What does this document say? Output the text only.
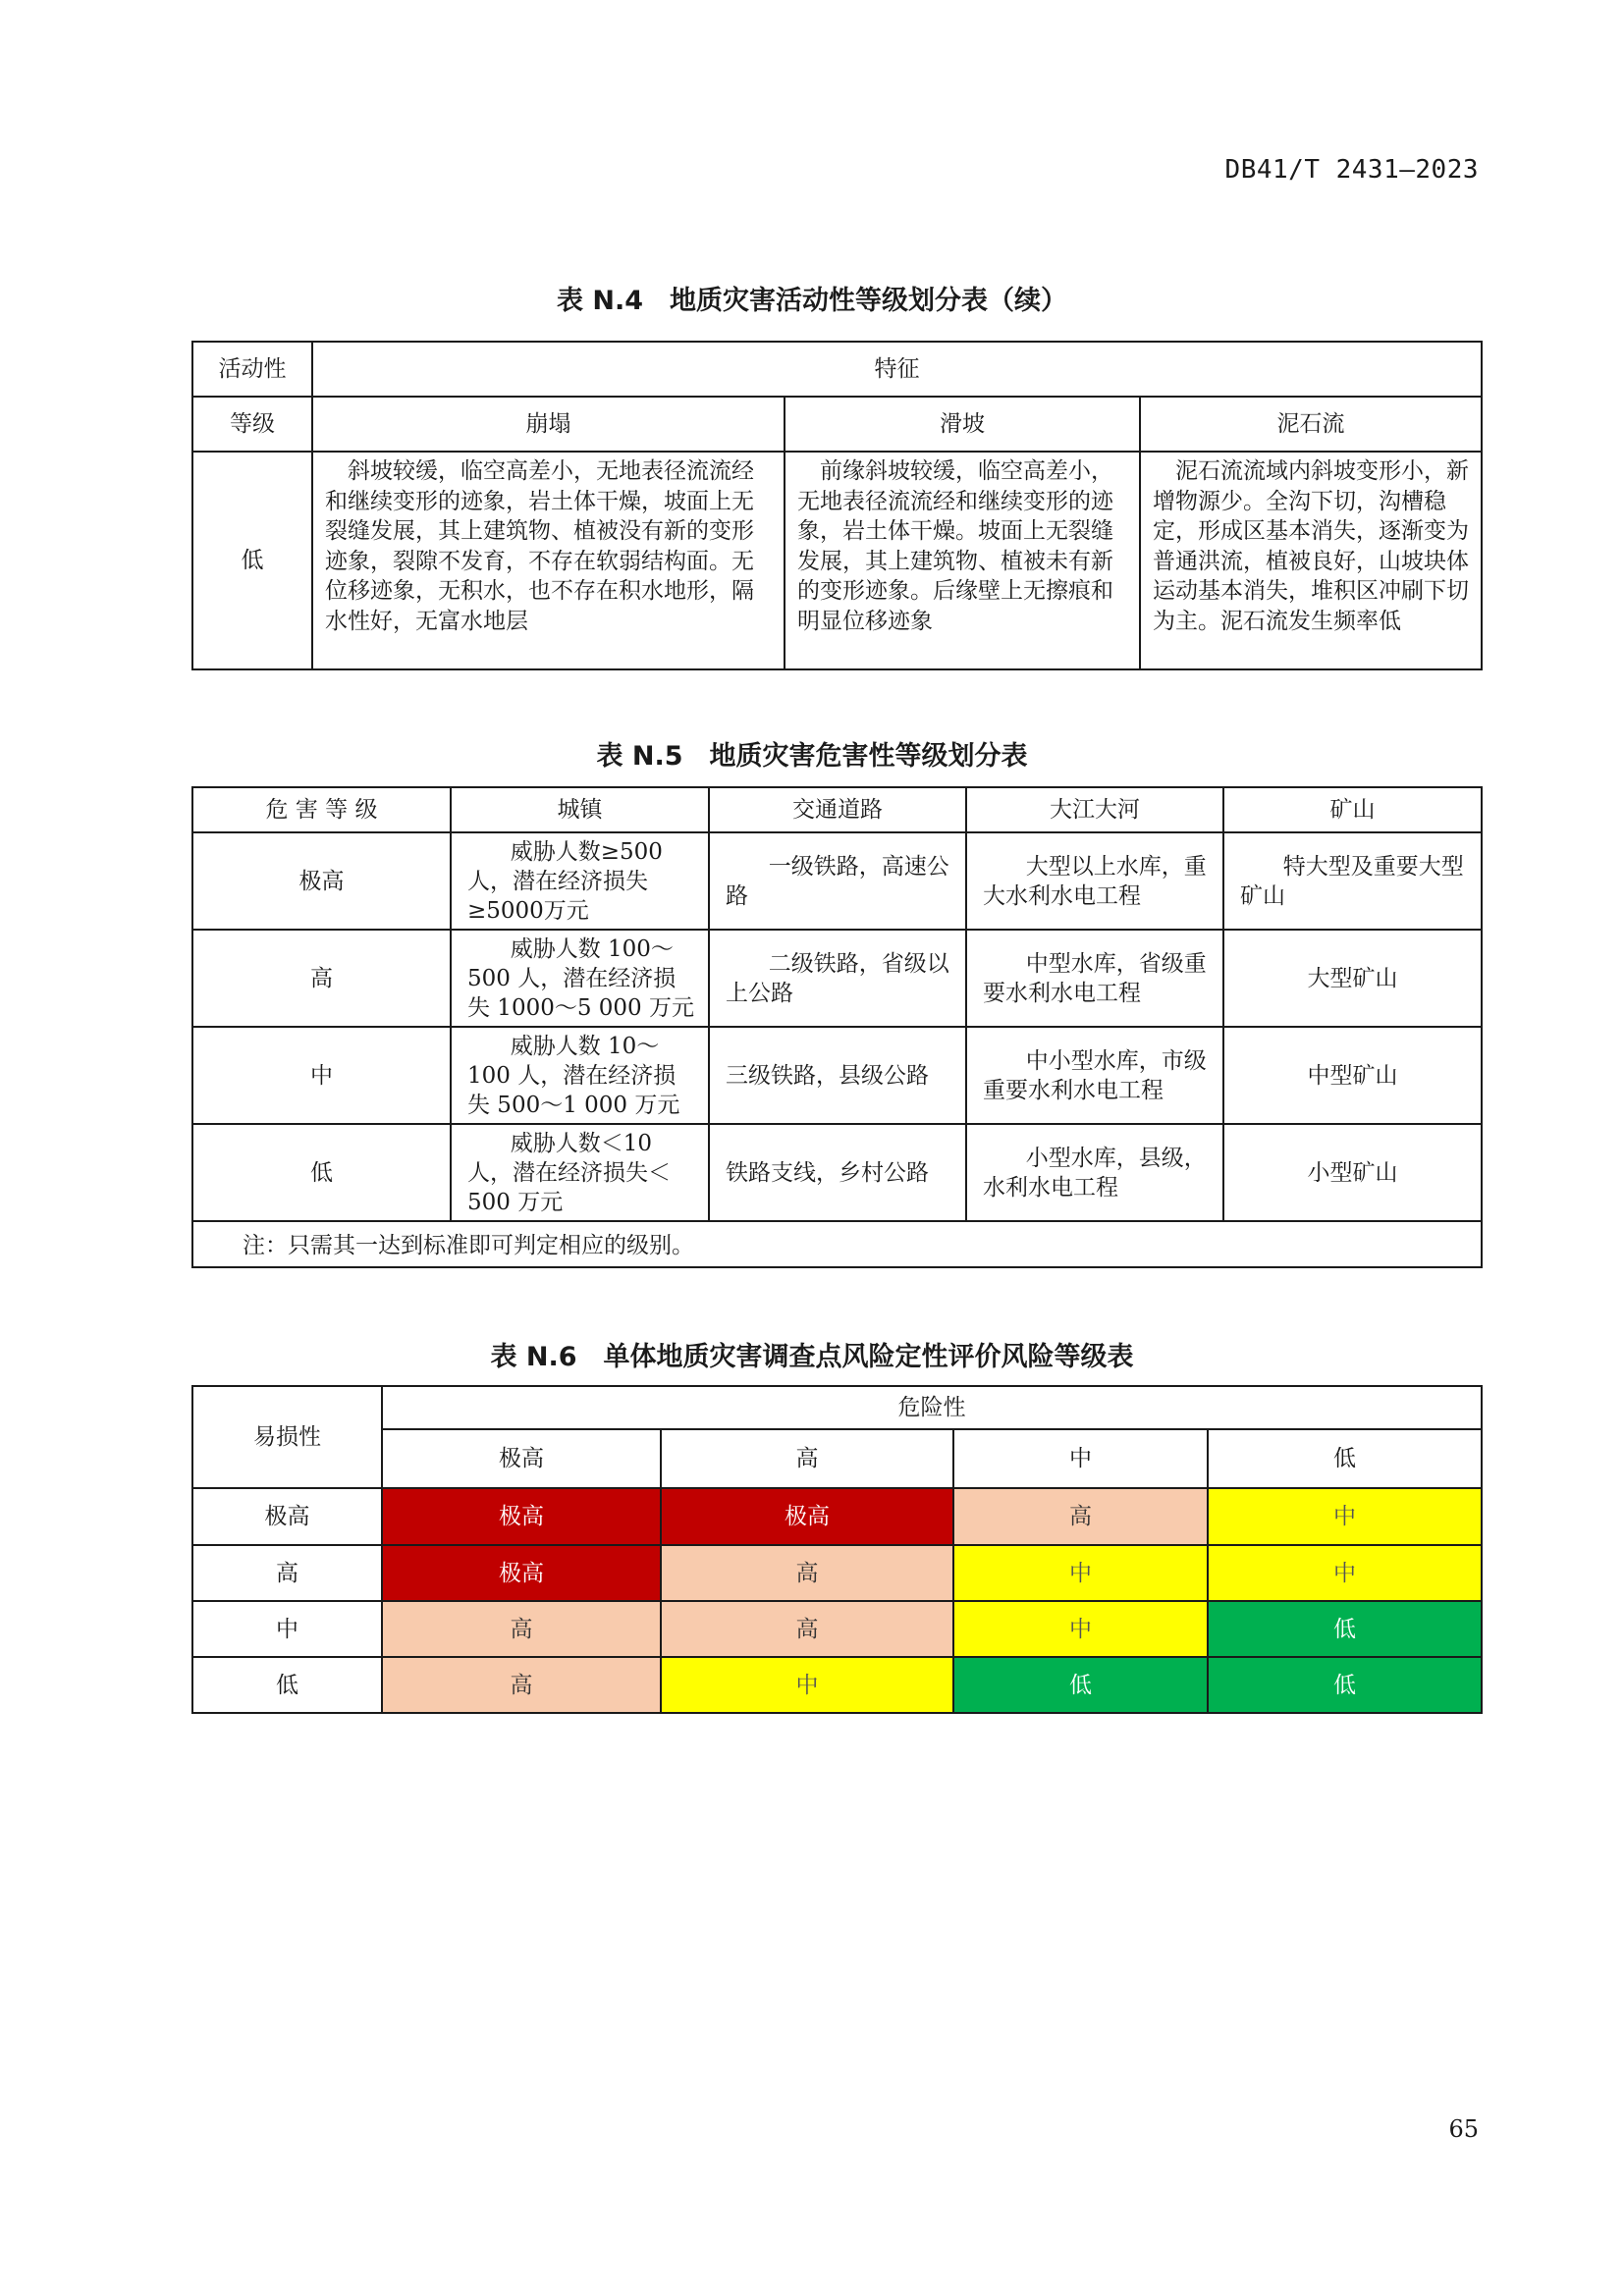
DB41/T 2431—2023
表 N.4　地质灾害活动性等级划分表（续）
活动性	特征		
等级	崩塌	滑坡	泥石流
低	　斜坡较缓，临空高差小，无地表径流流经和继续变形的迹象，岩土体干燥，坡面上无裂缝发展，其上建筑物、植被没有新的变形迹象，裂隙不发育，不存在软弱结构面。无位移迹象，无积水，也不存在积水地形，隔水性好，无富水地层	　前缘斜坡较缓，临空高差小，无地表径流流经和继续变形的迹象，岩土体干燥。坡面上无裂缝发展，其上建筑物、植被未有新的变形迹象。后缘壁上无擦痕和明显位移迹象	　泥石流流域内斜坡变形小，新增物源少。全沟下切，沟槽稳定，形成区基本消失，逐渐变为普通洪流，植被良好，山坡块体运动基本消失，堆积区冲刷下切为主。泥石流发生频率低
表 N.5　地质灾害危害性等级划分表
危 害 等 级	城镇	交通道路	大江大河	矿山
极高	威胁人数≥500 人，潜在经济损失≥5000万元	一级铁路，高速公路	大型以上水库，重大水利水电工程	特大型及重要大型矿山
高	威胁人数 100～500 人，潜在经济损失 1000～5 000 万元	二级铁路，省级以上公路	中型水库，省级重要水利水电工程	大型矿山
中	威胁人数 10～100 人，潜在经济损失 500～1 000 万元	三级铁路，县级公路	中小型水库，市级重要水利水电工程	中型矿山
低	威胁人数＜10 人，潜在经济损失＜500 万元	铁路支线，乡村公路	小型水库，县级，水利水电工程	小型矿山
注：只需其一达到标准即可判定相应的级别。				
表 N.6　单体地质灾害调查点风险定性评价风险等级表
易损性	危险性			
	极高	高	中	低
极高	极高	极高	高	中
高	极高	高	中	中
中	高	高	中	低
低	高	中	低	低
65
